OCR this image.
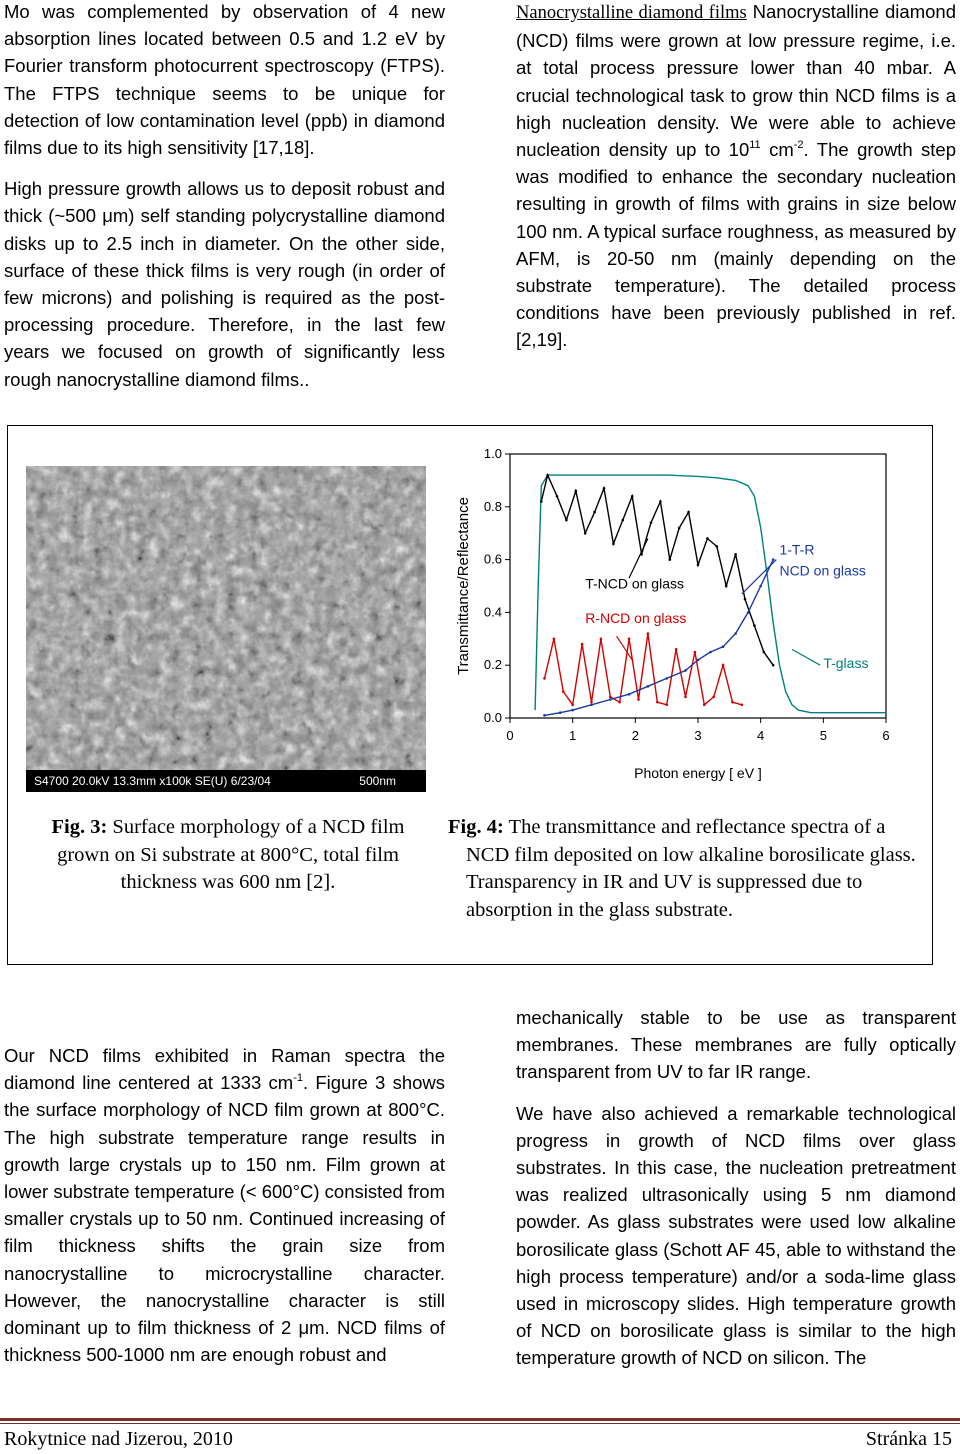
Mo was complemented by observation of 4 new absorption lines located between 0.5 and 1.2 eV by Fourier transform photocurrent spectroscopy (FTPS). The FTPS technique seems to be unique for detection of low contamination level (ppb) in diamond films due to its high sensitivity [17,18].

High pressure growth allows us to deposit robust and thick (~500 μm) self standing polycrystalline diamond disks up to 2.5 inch in diameter. On the other side, surface of these thick films is very rough (in order of few microns) and polishing is required as the post-processing procedure. Therefore, in the last few years we focused on growth of significantly less rough nanocrystalline diamond films..

Nanocrystalline diamond films Nanocrystalline diamond (NCD) films were grown at low pressure regime, i.e. at total process pressure lower than 40 mbar. A crucial technological task to grow thin NCD films is a high nucleation density. We were able to achieve nucleation density up to $10^{11}$ $cm^{-2}$. The growth step was modified to enhance the secondary nucleation resulting in growth of films with grains in size below 100 nm. A typical surface roughness, as measured by AFM, is 20-50 nm (mainly depending on the substrate temperature). The detailed process conditions have been previously published in ref. [2,19].

S4700 20.0kV 13.3mm x100k SE(U) 6/23/04	500nm
Fig. 3: Surface morphology of a NCD film grown on Si substrate at 800°C, total film thickness was 600 nm [2].
Fig. 4: The transmittance and reflectance spectra of a NCD film deposited on low alkaline borosilicate glass. Transparency in IR and UV is suppressed due to absorption in the glass substrate.
0	1	2	3	4	5	6
0.0
0.2
0.4
0.6
0.8
1.0
Photon energy [ eV ]
Transmittance/Reflectance	T-NCD on glass
R-NCD on glass
1-T-R
NCD on glass
T-glass

Our NCD films exhibited in Raman spectra the diamond line centered at 1333 $cm^{-1}$. Figure 3 shows the surface morphology of NCD film grown at 800°C. The high substrate temperature range results in growth large crystals up to 150 nm. Film grown at lower substrate temperature (< 600°C) consisted from smaller crystals up to 50 nm. Continued increasing of film thickness shifts the grain size from nanocrystalline to microcrystalline character. However, the nanocrystalline character is still dominant up to film thickness of 2 μm. NCD films of thickness 500-1000 nm are enough robust and

mechanically stable to be use as transparent membranes. These membranes are fully optically transparent from UV to far IR range.

We have also achieved a remarkable technological progress in growth of NCD films over glass substrates. In this case, the nucleation pretreatment was realized ultrasonically using 5 nm diamond powder. As glass substrates were used low alkaline borosilicate glass (Schott AF 45, able to withstand the high process temperature) and/or a soda-lime glass used in microscopy slides. High temperature growth of NCD on borosilicate glass is similar to the high temperature growth of NCD on silicon. The

Rokytnice nad Jizerou, 2010	Stránka 15
